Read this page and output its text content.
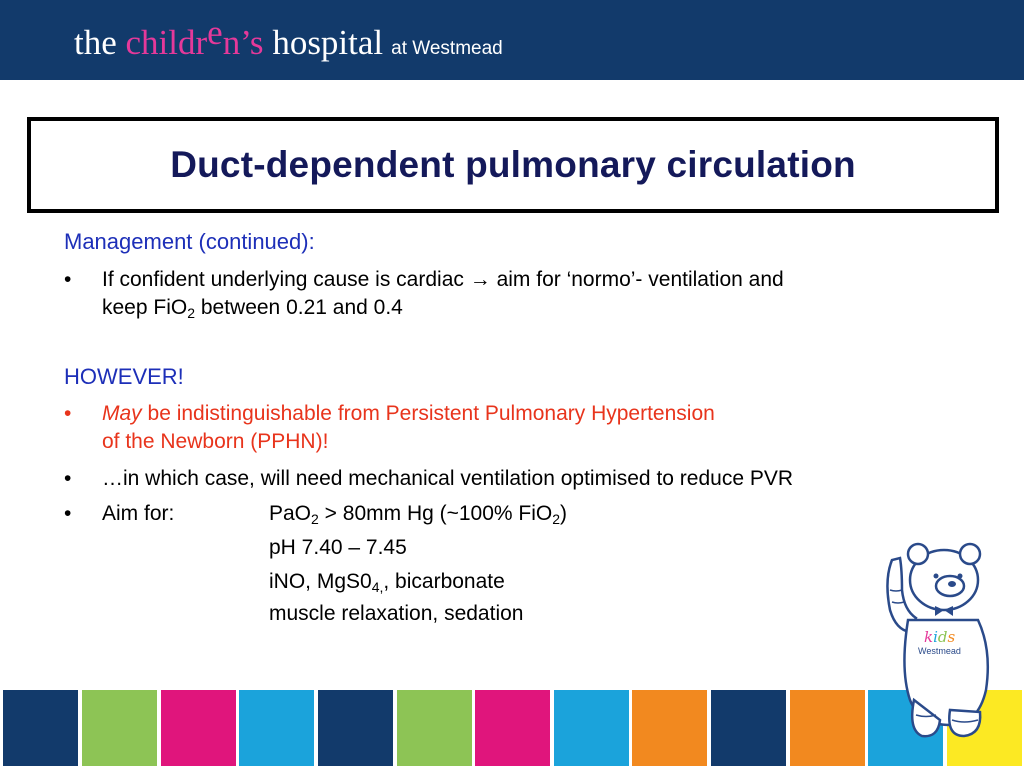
the children’s hospital at Westmead
Duct-dependent pulmonary circulation
Management (continued):
• If confident underlying cause is cardiac → aim for ‘normo’- ventilation and
keep FiO$_2$ between 0.21 and 0.4
HOWEVER!
• May be indistinguishable from Persistent Pulmonary Hypertension
of the Newborn (PPHN)!
• …in which case, will need mechanical ventilation optimised to reduce PVR
• Aim for:	PaO$_2$ > 80mm Hg (~100% FiO$_2$)
pH 7.40 – 7.45
iNO, $MgS0_{4,}$, bicarbonate
muscle relaxation, sedation
kids
Westmead
